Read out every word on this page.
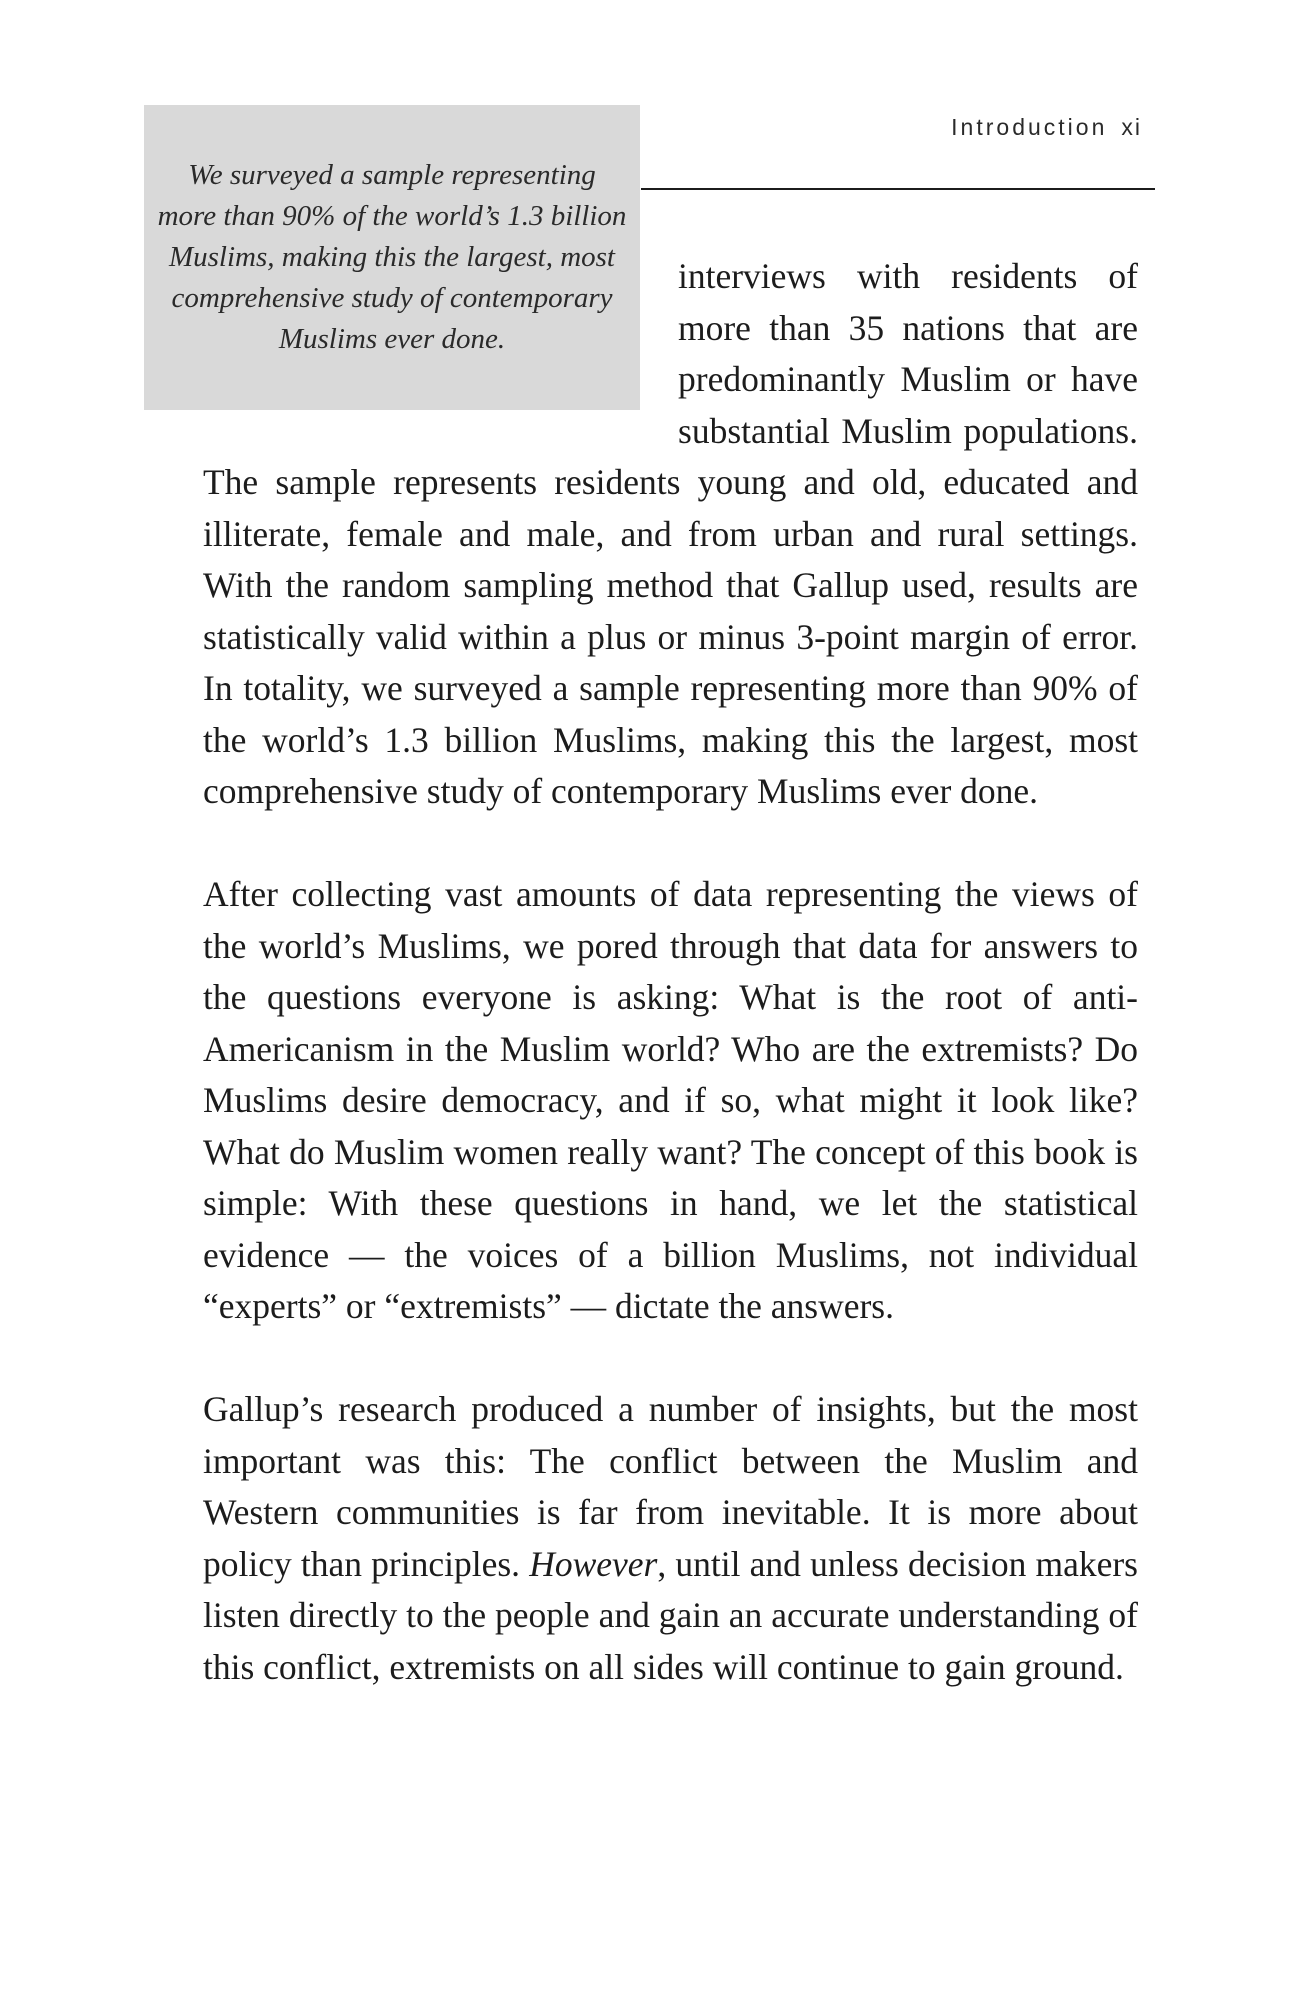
We surveyed a sample representing more than 90% of the world’s 1.3 billion Muslims, making this the largest, most comprehensive study of contemporary Muslims ever done.
Introduction xi

interviews with residents of more than 35 nations that are predominantly Muslim or have substantial Muslim populations. The sample represents residents young and old, educated and illiterate, female and male, and from urban and rural settings. With the random sampling method that Gallup used, results are statistically valid within a plus or minus 3-point margin of error. In totality, we surveyed a sample representing more than 90% of the world’s 1.3 billion Muslims, making this the largest, most comprehensive study of contemporary Muslims ever done.

After collecting vast amounts of data representing the views of the world’s Muslims, we pored through that data for answers to the questions everyone is asking: What is the root of anti-Americanism in the Muslim world? Who are the extremists? Do Muslims desire democracy, and if so, what might it look like? What do Muslim women really want? The concept of this book is simple: With these questions in hand, we let the statistical evidence — the voices of a billion Muslims, not individual “experts” or “extremists” — dictate the answers.

Gallup’s research produced a number of insights, but the most important was this: The conflict between the Muslim and Western communities is far from inevitable. It is more about policy than principles. However, until and unless decision makers listen directly to the people and gain an accurate understanding of this conflict, extremists on all sides will continue to gain ground.
